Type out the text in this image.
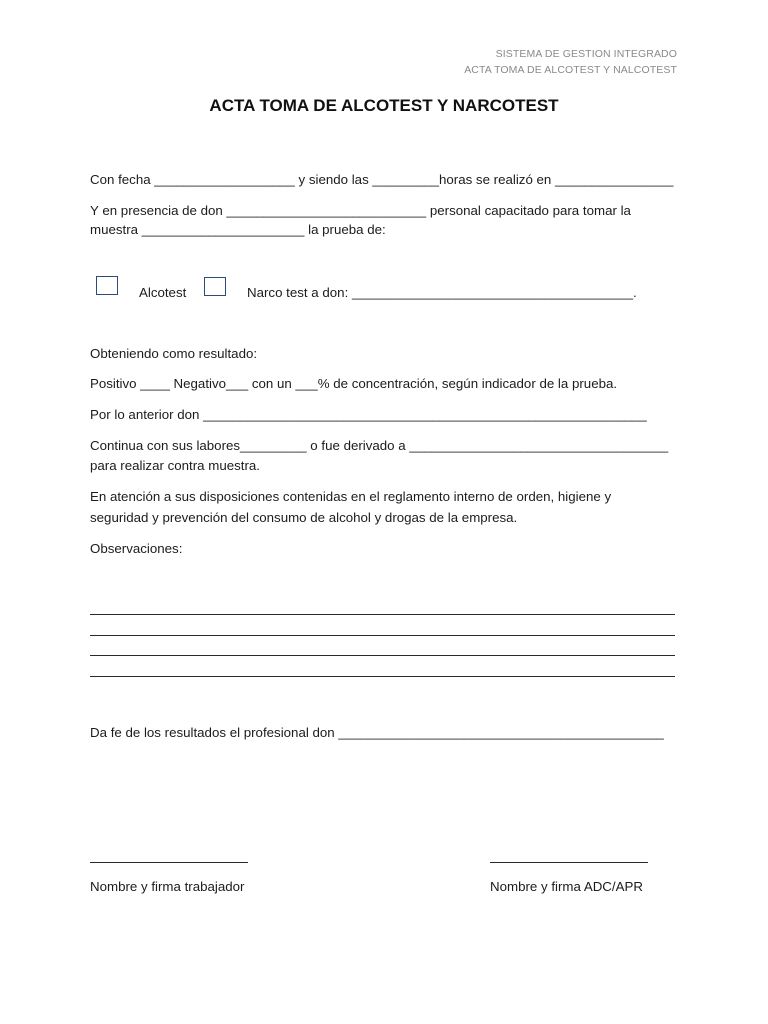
SISTEMA DE GESTION INTEGRADO
ACTA TOMA DE ALCOTEST Y NALCOTEST
ACTA TOMA DE ALCOTEST Y NARCOTEST
Con fecha ___________________ y siendo las _________horas se realizó en ________________
Y en presencia de don ___________________________ personal capacitado para tomar la
muestra ______________________ la prueba de:
Alcotest	Narco test a don: ______________________________________.
Obteniendo como resultado:
Positivo ____ Negativo___ con un ___% de concentración, según indicador de la prueba.
Por lo anterior don ____________________________________________________________
Continua con sus labores_________ o fue derivado a ___________________________________
para realizar contra muestra.
En atención a sus disposiciones contenidas en el reglamento interno de orden, higiene y
seguridad y prevención del consumo de alcohol y drogas de la empresa.
Observaciones:
Da fe de los resultados el profesional don ____________________________________________
Nombre y firma trabajador	Nombre y firma ADC/APR
